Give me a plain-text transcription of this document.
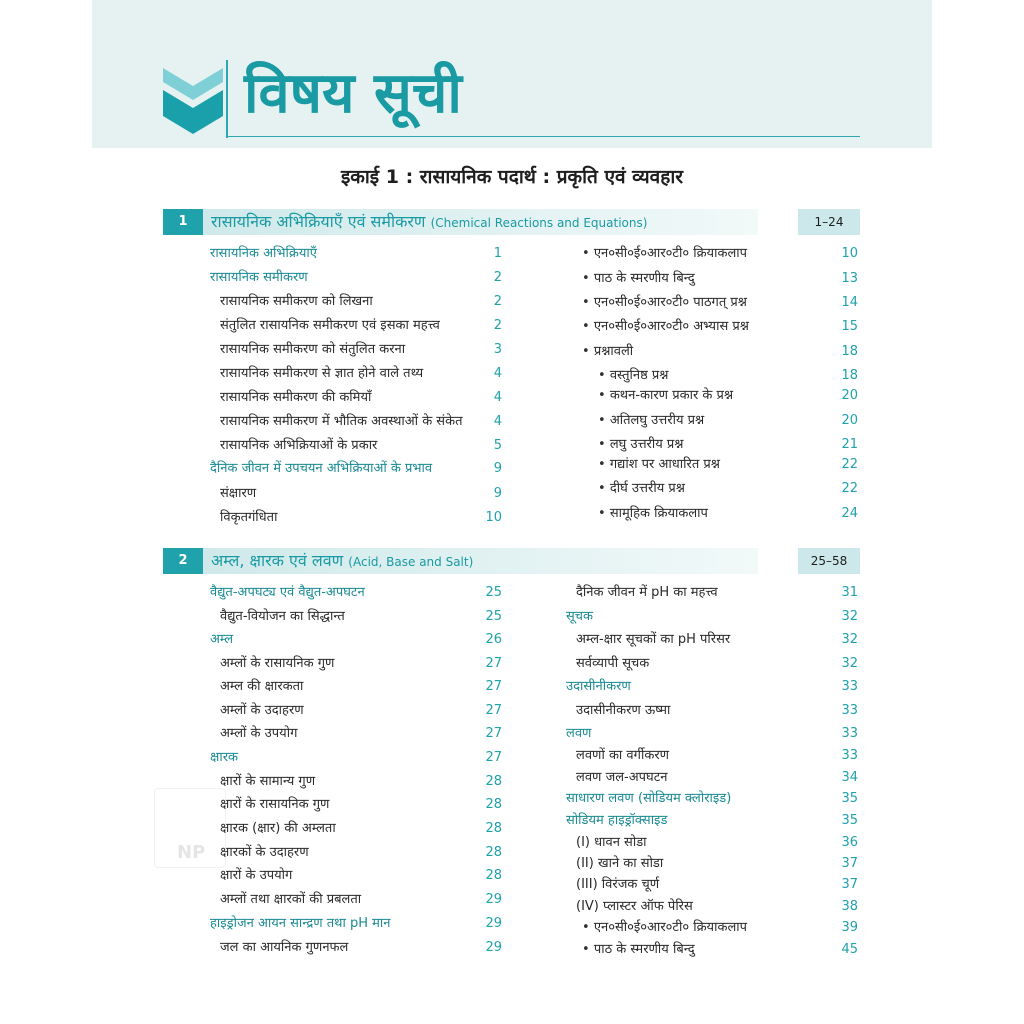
विषय सूची
इकाई 1 : रासायनिक पदार्थ : प्रकृति एवं व्यवहार
NP
1	रासायनिक अभिक्रियाएँ एवं समीकरण (Chemical Reactions and Equations)	1–24
रासायनिक अभिक्रियाएँ	1
रासायनिक समीकरण	2
रासायनिक समीकरण को लिखना	2
संतुलित रासायनिक समीकरण एवं इसका महत्त्व	2
रासायनिक समीकरण को संतुलित करना	3
रासायनिक समीकरण से ज्ञात होने वाले तथ्य	4
रासायनिक समीकरण की कमियाँ	4
रासायनिक समीकरण में भौतिक अवस्थाओं के संकेत	4
रासायनिक अभिक्रियाओं के प्रकार	5
दैनिक जीवन में उपचयन अभिक्रियाओं के प्रभाव	9
संक्षारण	9
विकृतगंधिता	10
• एन०सी०ई०आर०टी० क्रियाकलाप	10
• पाठ के स्मरणीय बिन्दु	13
• एन०सी०ई०आर०टी० पाठगत् प्रश्न	14
• एन०सी०ई०आर०टी० अभ्यास प्रश्न	15
• प्रश्नावली	18
• वस्तुनिष्ठ प्रश्न	18
• कथन-कारण प्रकार के प्रश्न	20
• अतिलघु उत्तरीय प्रश्न	20
• लघु उत्तरीय प्रश्न	21
• गद्यांश पर आधारित प्रश्न	22
• दीर्घ उत्तरीय प्रश्न	22
• सामूहिक क्रियाकलाप	24
2	अम्ल, क्षारक एवं लवण (Acid, Base and Salt)	25–58
वैद्युत-अपघट्य एवं वैद्युत-अपघटन	25
वैद्युत-वियोजन का सिद्धान्त	25
अम्ल	26
अम्लों के रासायनिक गुण	27
अम्ल की क्षारकता	27
अम्लों के उदाहरण	27
अम्लों के उपयोग	27
क्षारक	27
क्षारों के सामान्य गुण	28
क्षारों के रासायनिक गुण	28
क्षारक (क्षार) की अम्लता	28
क्षारकों के उदाहरण	28
क्षारों के उपयोग	28
अम्लों तथा क्षारकों की प्रबलता	29
हाइड्रोजन आयन सान्द्रण तथा pH मान	29
जल का आयनिक गुणनफल	29
दैनिक जीवन में pH का महत्त्व	31
सूचक	32
अम्ल-क्षार सूचकों का pH परिसर	32
सर्वव्यापी सूचक	32
उदासीनीकरण	33
उदासीनीकरण ऊष्मा	33
लवण	33
लवणों का वर्गीकरण	33
लवण जल-अपघटन	34
साधारण लवण (सोडियम क्लोराइड)	35
सोडियम हाइड्रॉक्साइड	35
(I) धावन सोडा	36
(II) खाने का सोडा	37
(III) विरंजक चूर्ण	37
(IV) प्लास्टर ऑफ पेरिस	38
• एन०सी०ई०आर०टी० क्रियाकलाप	39
• पाठ के स्मरणीय बिन्दु	45
